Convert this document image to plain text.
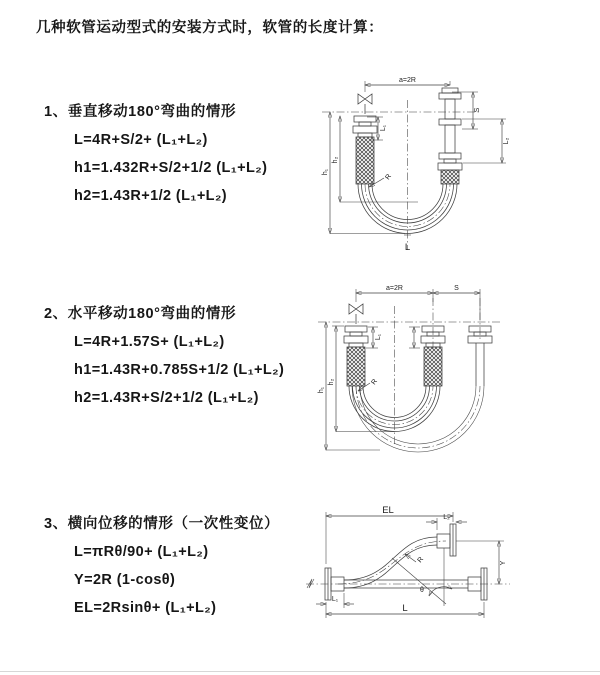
几种软管运动型式的安装方式时，软管的长度计算：
1、垂直移动180°弯曲的情形
L=4R+S/2+ (L₁+L₂)
h1=1.432R+S/2+1/2 (L₁+L₂)
h2=1.43R+1/2 (L₁+L₂)
2、水平移动180°弯曲的情形
L=4R+1.57S+ (L₁+L₂)
h1=1.43R+0.785S+1/2 (L₁+L₂)
h2=1.43R+S/2+1/2 (L₁+L₂)
3、横向位移的情形（一次性变位）
L=πRθ/90+ (L₁+L₂)
Y=2R (1-cosθ)
EL=2Rsinθ+ (L₁+L₂)
a=2R
R
h₁
h₂
L₁
S
L₂
L
a=2R	S
R
h₁
h₂
L₁
EL
L₂
Y
R
θ
L
L₁
